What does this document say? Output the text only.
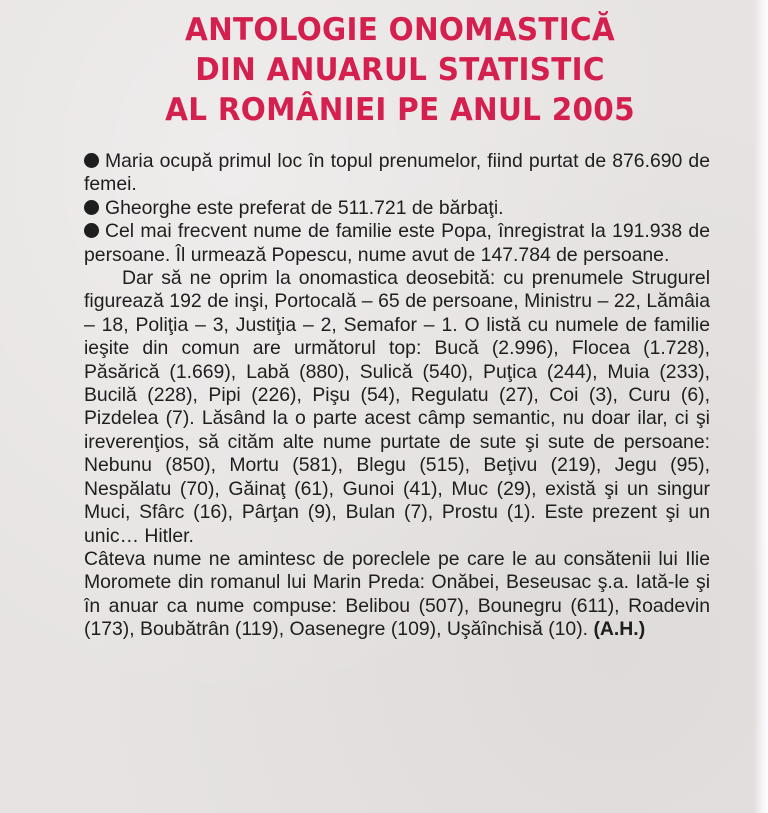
ANTOLOGIE ONOMASTICĂ
DIN ANUARUL STATISTIC
AL ROMÂNIEI PE ANUL 2005

Maria ocupă primul loc în topul prenumelor, fiind purtat de 876.690 de femei.

Gheorghe este preferat de 511.721 de bărbaţi.

Cel mai frecvent nume de familie este Popa, înregistrat la 191.938 de persoane. Îl urmează Popescu, nume avut de 147.784 de persoane.

Dar să ne oprim la onomastica deosebită: cu prenumele Strugurel figurează 192 de inşi, Portocală – 65 de persoane, Ministru – 22, Lămâia – 18, Poliţia – 3, Justiţia – 2, Semafor – 1. O listă cu numele de familie ieşite din comun are următorul top: Bucă (2.996), Flocea (1.728), Păsărică (1.669), Labă (880), Sulică (540), Puţica (244), Muia (233), Bucilă (228), Pipi (226), Pişu (54), Regulatu (27), Coi (3), Curu (6), Pizdelea (7). Lăsând la o parte acest câmp semantic, nu doar ilar, ci şi ireverenţios, să cităm alte nume purtate de sute şi sute de persoane: Nebunu (850), Mortu (581), Blegu (515), Beţivu (219), Jegu (95), Nespălatu (70), Găinaţ (61), Gunoi (41), Muc (29), există şi un singur Muci, Sfârc (16), Pârţan (9), Bulan (7), Prostu (1). Este prezent şi un unic… Hitler.

Câteva nume ne amintesc de poreclele pe care le au consătenii lui Ilie Moromete din romanul lui Marin Preda: Onăbei, Beseusac ş.a. Iată-le şi în anuar ca nume compuse: Belibou (507), Bounegru (611), Roadevin (173), Boubătrân (119), Oasenegre (109), Uşăînchisă (10). (A.H.)
